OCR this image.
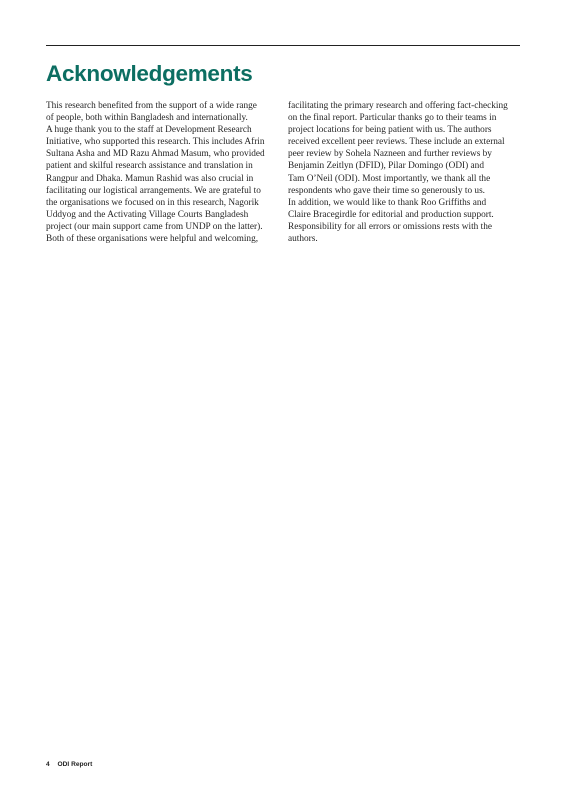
Acknowledgements
This research benefited from the support of a wide range
of people, both within Bangladesh and internationally.
A huge thank you to the staff at Development Research
Initiative, who supported this research. This includes Afrin
Sultana Asha and MD Razu Ahmad Masum, who provided
patient and skilful research assistance and translation in
Rangpur and Dhaka. Mamun Rashid was also crucial in
facilitating our logistical arrangements. We are grateful to
the organisations we focused on in this research, Nagorik
Uddyog and the Activating Village Courts Bangladesh
project (our main support came from UNDP on the latter).
Both of these organisations were helpful and welcoming,
facilitating the primary research and offering fact-checking
on the final report. Particular thanks go to their teams in
project locations for being patient with us. The authors
received excellent peer reviews. These include an external
peer review by Sohela Nazneen and further reviews by
Benjamin Zeitlyn (DFID), Pilar Domingo (ODI) and
Tam O’Neil (ODI). Most importantly, we thank all the
respondents who gave their time so generously to us.
In addition, we would like to thank Roo Griffiths and
Claire Bracegirdle for editorial and production support.
Responsibility for all errors or omissions rests with the
authors.
4 ODI Report
